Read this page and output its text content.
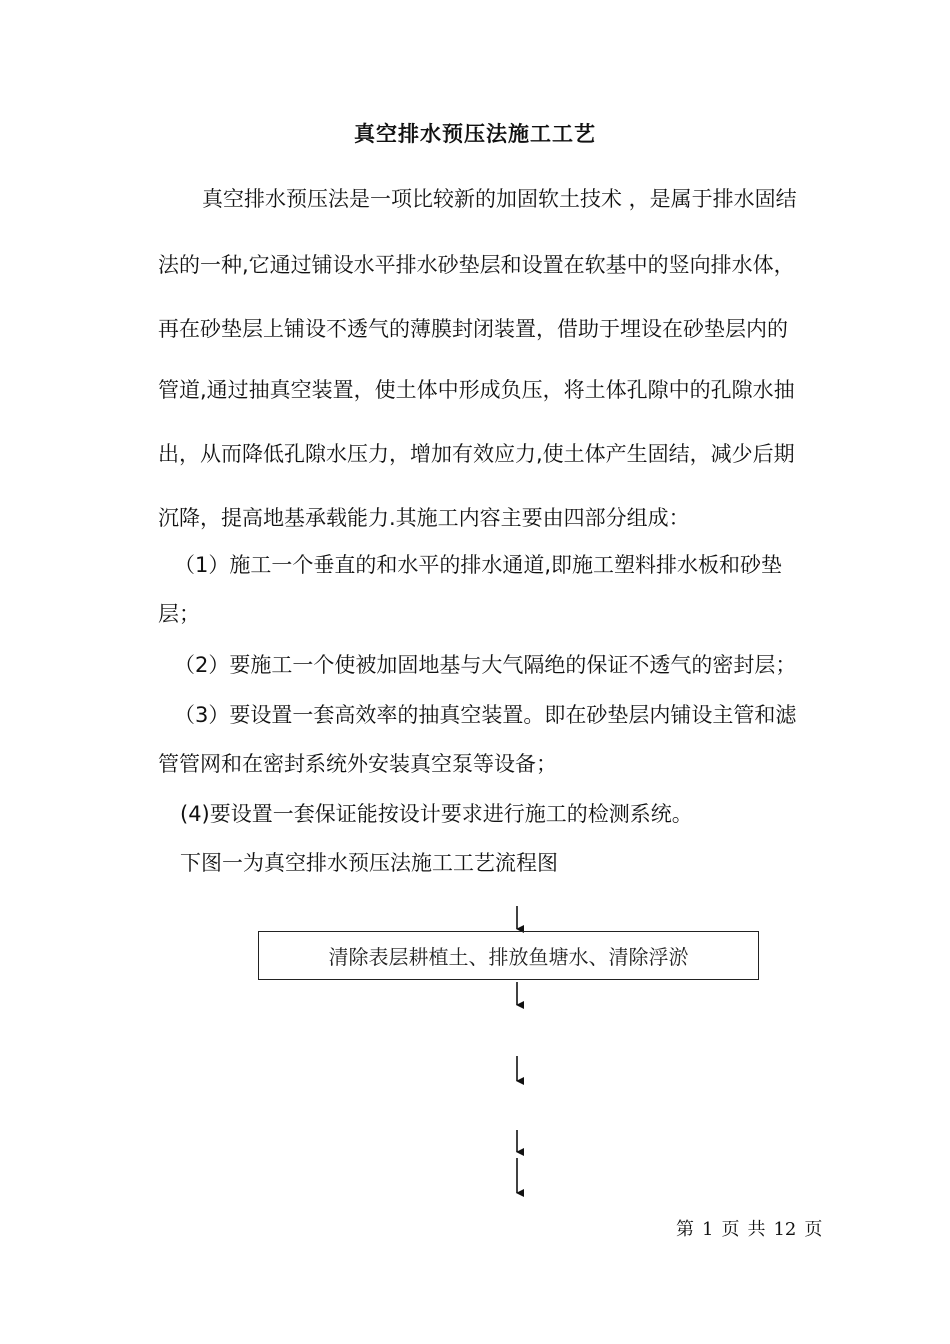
真空排水预压法施工工艺
真空排水预压法是一项比较新的加固软土技术 ，是属于排水固结
法的一种,它通过铺设水平排水砂垫层和设置在软基中的竖向排水体，
再在砂垫层上铺设不透气的薄膜封闭装置，借助于埋设在砂垫层内的
管道,通过抽真空装置，使土体中形成负压，将土体孔隙中的孔隙水抽
出，从而降低孔隙水压力，增加有效应力,使土体产生固结，减少后期
沉降，提高地基承载能力.其施工内容主要由四部分组成：
（1）施工一个垂直的和水平的排水通道,即施工塑料排水板和砂垫
层；
（2）要施工一个使被加固地基与大气隔绝的保证不透气的密封层；
（3）要设置一套高效率的抽真空装置。即在砂垫层内铺设主管和滤
管管网和在密封系统外安装真空泵等设备；
(4)要设置一套保证能按设计要求进行施工的检测系统。
下图一为真空排水预压法施工工艺流程图
清除表层耕植土、排放鱼塘水、清除浮淤
第 1 页 共 12 页
